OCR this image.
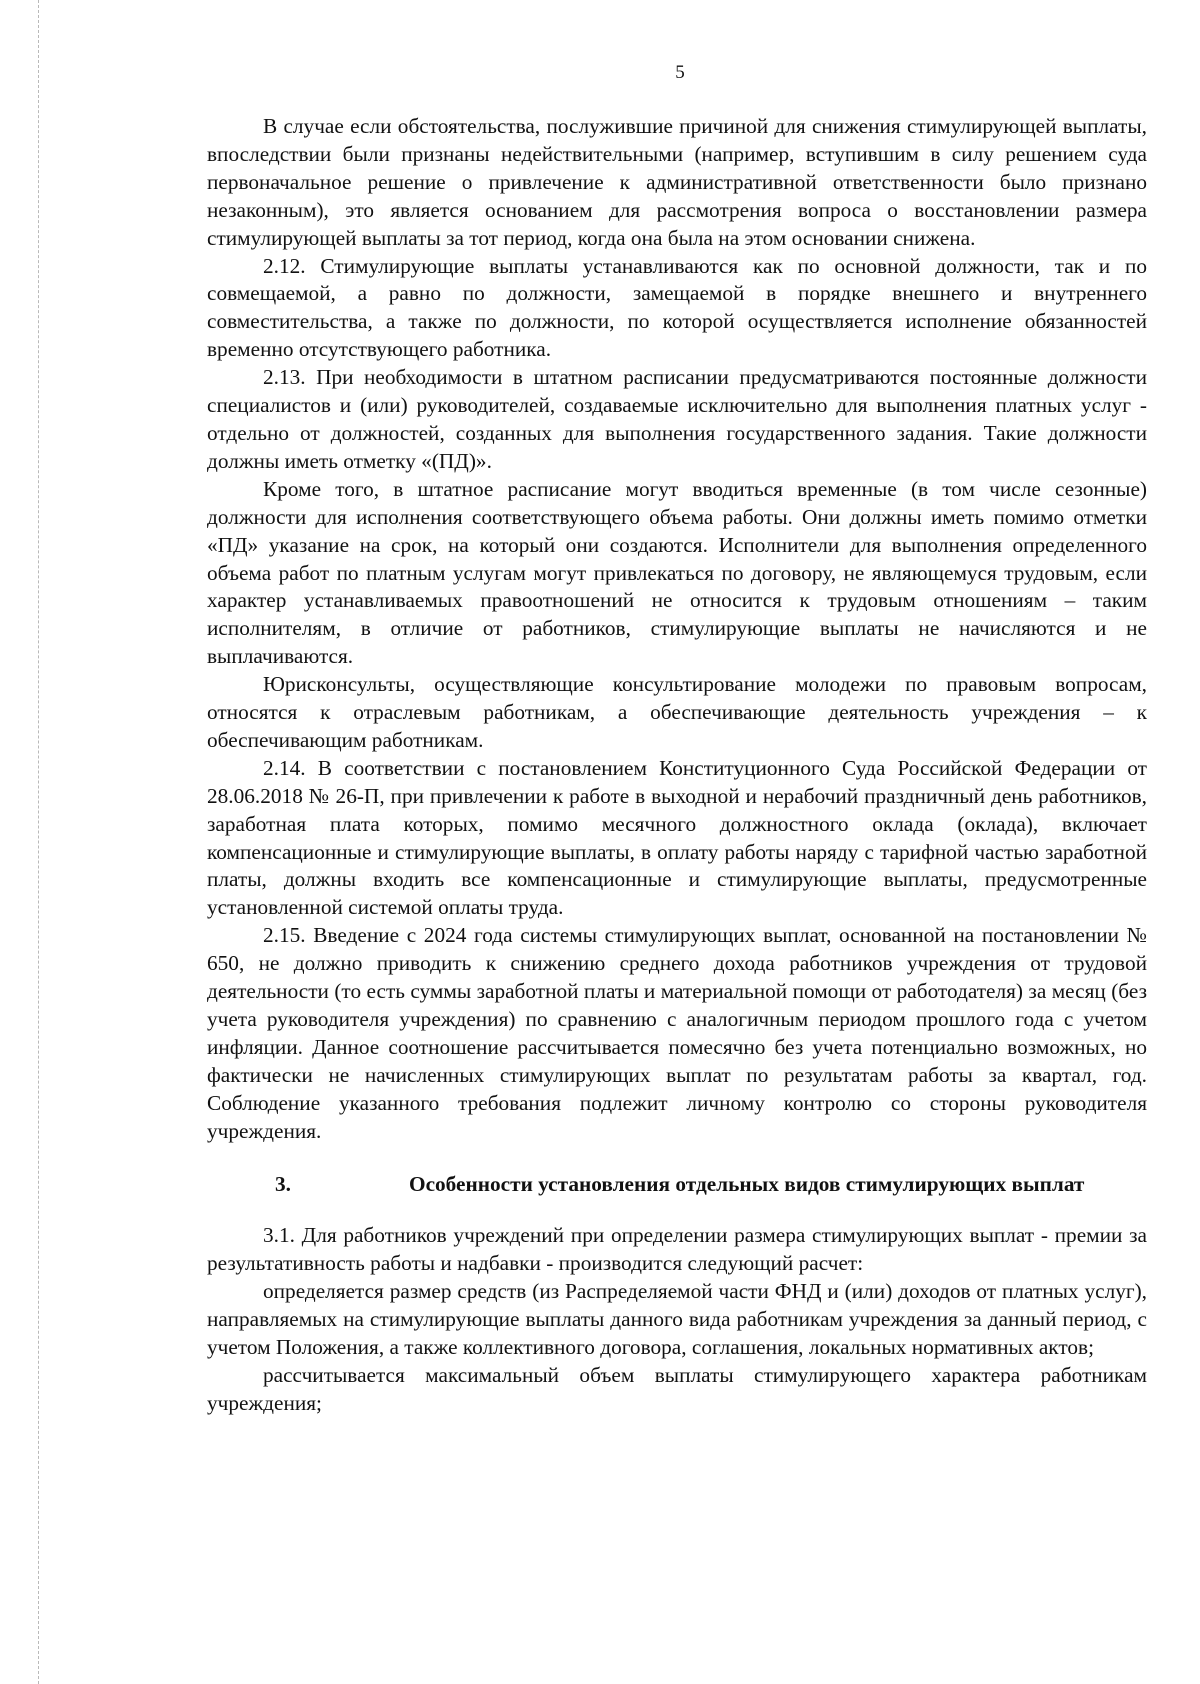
5

В случае если обстоятельства, послужившие причиной для снижения стимулирующей выплаты, впоследствии были признаны недействительными (например, вступившим в силу решением суда первоначальное решение о привлечение к административной ответственности было признано незаконным), это является основанием для рассмотрения вопроса о восстановлении размера стимулирующей выплаты за тот период, когда она была на этом основании снижена.

2.12. Стимулирующие выплаты устанавливаются как по основной должности, так и по совмещаемой, а равно по должности, замещаемой в порядке внешнего и внутреннего совместительства, а также по должности, по которой осуществляется исполнение обязанностей временно отсутствующего работника.

2.13. При необходимости в штатном расписании предусматриваются постоянные должности специалистов и (или) руководителей, создаваемые исключительно для выполнения платных услуг - отдельно от должностей, созданных для выполнения государственного задания. Такие должности должны иметь отметку «(ПД)».

Кроме того, в штатное расписание могут вводиться временные (в том числе сезонные) должности для исполнения соответствующего объема работы. Они должны иметь помимо отметки «ПД» указание на срок, на который они создаются. Исполнители для выполнения определенного объема работ по платным услугам могут привлекаться по договору, не являющемуся трудовым, если характер устанавливаемых правоотношений не относится к трудовым отношениям – таким исполнителям, в отличие от работников, стимулирующие выплаты не начисляются и не выплачиваются.

Юрисконсульты, осуществляющие консультирование молодежи по правовым вопросам, относятся к отраслевым работникам, а обеспечивающие деятельность учреждения – к обеспечивающим работникам.

2.14. В соответствии с постановлением Конституционного Суда Российской Федерации от 28.06.2018 № 26-П, при привлечении к работе в выходной и нерабочий праздничный день работников, заработная плата которых, помимо месячного должностного оклада (оклада), включает компенсационные и стимулирующие выплаты, в оплату работы наряду с тарифной частью заработной платы, должны входить все компенсационные и стимулирующие выплаты, предусмотренные установленной системой оплаты труда.

2.15. Введение с 2024 года системы стимулирующих выплат, основанной на постановлении № 650, не должно приводить к снижению среднего дохода работников учреждения от трудовой деятельности (то есть суммы заработной платы и материальной помощи от работодателя) за месяц (без учета руководителя учреждения) по сравнению с аналогичным периодом прошлого года с учетом инфляции. Данное соотношение рассчитывается помесячно без учета потенциально возможных, но фактически не начисленных стимулирующих выплат по результатам работы за квартал, год. Соблюдение указанного требования подлежит личному контролю со стороны руководителя учреждения.

3.	Особенности установления отдельных видов стимулирующих выплат

3.1. Для работников учреждений при определении размера стимулирующих выплат - премии за результативность работы и надбавки - производится следующий расчет:

определяется размер средств (из Распределяемой части ФНД и (или) доходов от платных услуг), направляемых на стимулирующие выплаты данного вида работникам учреждения за данный период, с учетом Положения, а также коллективного договора, соглашения, локальных нормативных актов;

рассчитывается максимальный объем выплаты стимулирующего характера работникам учреждения;
